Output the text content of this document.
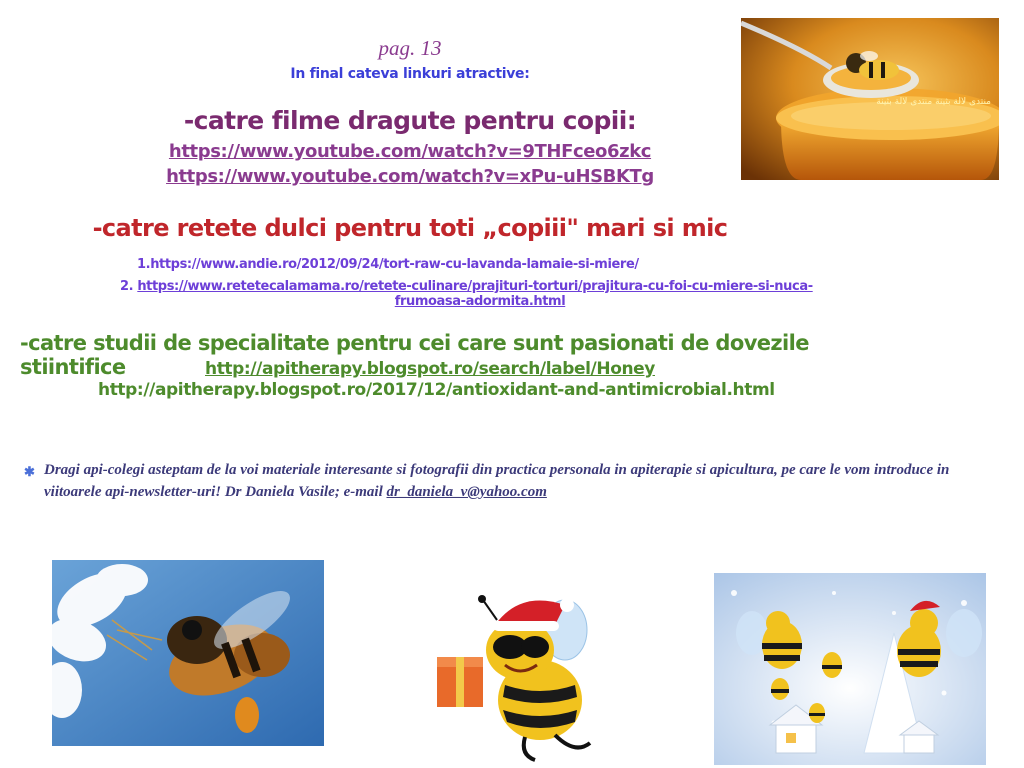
pag. 13
In final cateva linkuri atractive:
-catre filme dragute pentru copii:
https://www.youtube.com/watch?v=9THFceo6zkc
https://www.youtube.com/watch?v=xPu-uHSBKTg
-catre retete dulci pentru toti „copiii" mari si mic
1.https://www.andie.ro/2012/09/24/tort-raw-cu-lavanda-lamaie-si-miere/
2. https://www.retetecalamama.ro/retete-culinare/prajituri-torturi/prajitura-cu-foi-cu-miere-si-nuca-
frumoasa-adormita.html
-catre studii de specialitate pentru cei care sunt pasionati de dovezile stiintifice	http://apitherapy.blogspot.ro/search/label/Honey
http://apitherapy.blogspot.ro/2017/12/antioxidant-and-antimicrobial.html
✱ Dragi api-colegi asteptam de la voi materiale interesante si fotografii din practica personala in apiterapie si apicultura, pe care le vom introduce in viitoarele api-newsletter-uri! Dr Daniela Vasile; e-mail dr_daniela_v@yahoo.com
منتدى لالة بثينة منتدى لالة بثينة
